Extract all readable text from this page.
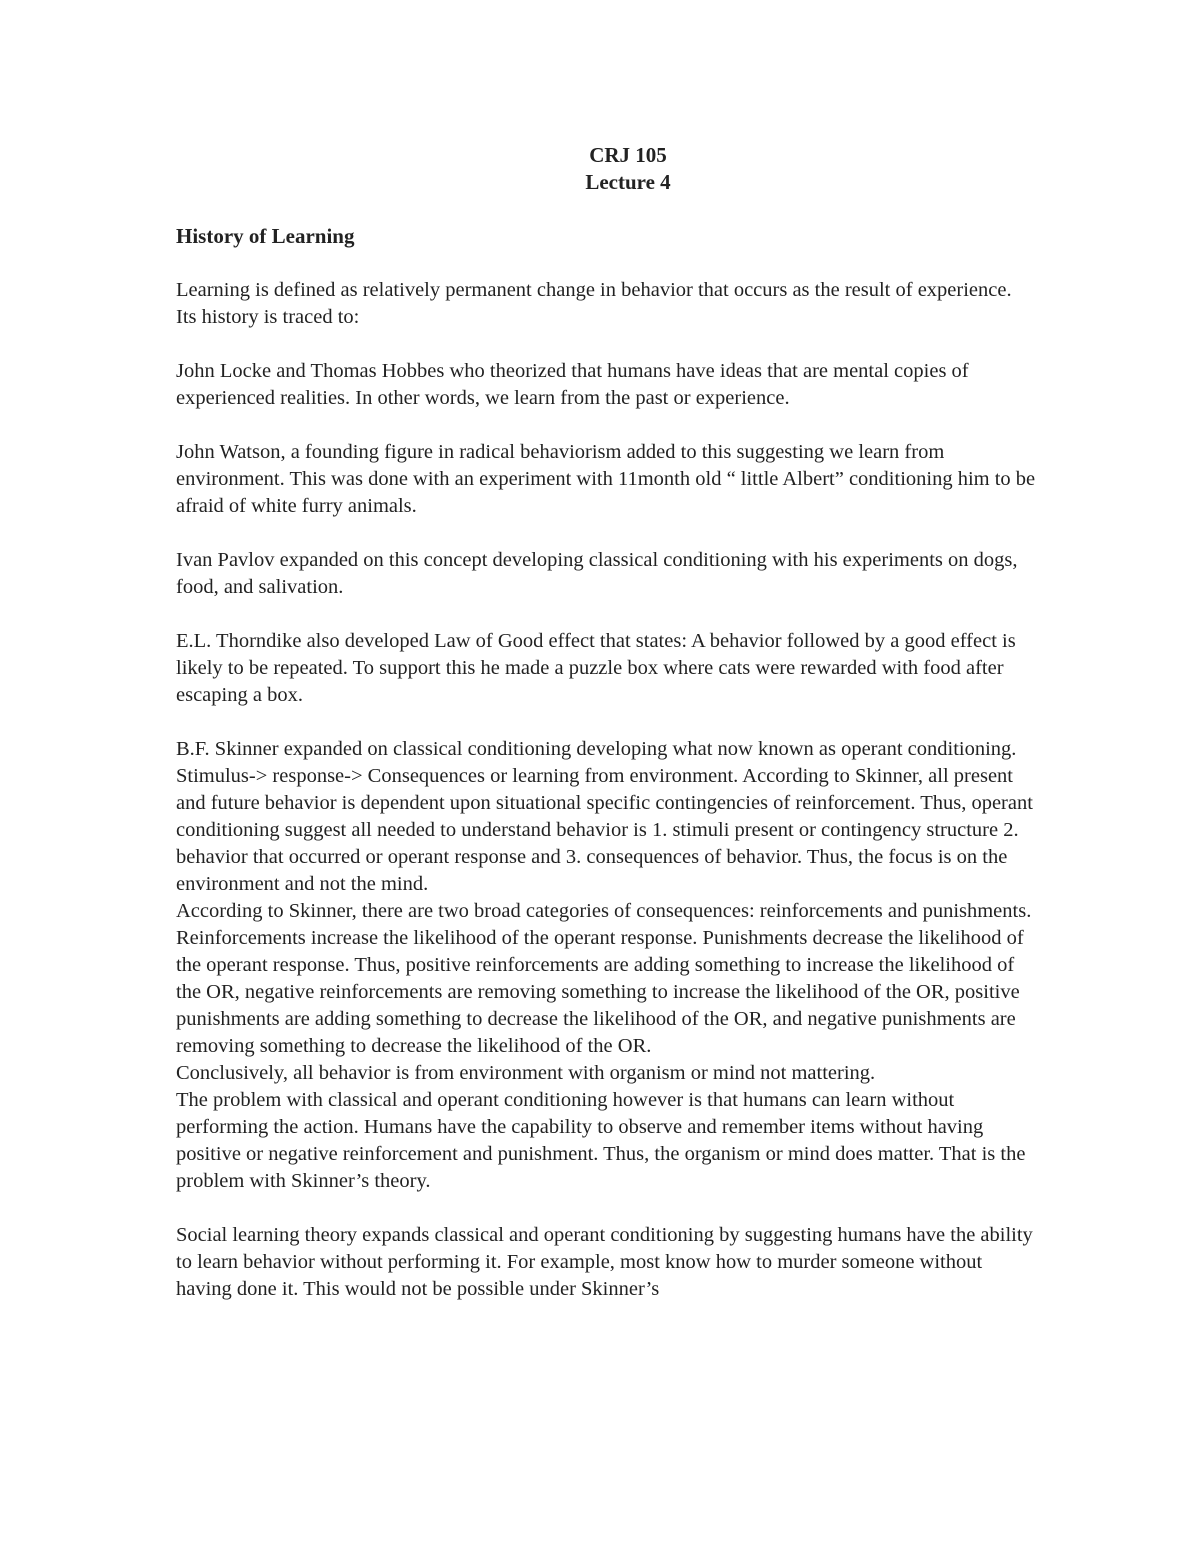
CRJ 105
Lecture 4
History of Learning

Learning is defined as relatively permanent change in behavior that occurs as the result of experience. Its history is traced to:

John Locke and Thomas Hobbes who theorized that humans have ideas that are mental copies of experienced realities. In other words, we learn from the past or experience.

John Watson, a founding figure in radical behaviorism added to this suggesting we learn from environment. This was done with an experiment with 11month old “ little Albert” conditioning him to be afraid of white furry animals.

Ivan Pavlov expanded on this concept developing classical conditioning with his experiments on dogs, food, and salivation.

E.L. Thorndike also developed Law of Good effect that states: A behavior followed by a good effect is likely to be repeated. To support this he made a puzzle box where cats were rewarded with food after escaping a box.

B.F. Skinner expanded on classical conditioning developing what now known as operant conditioning. Stimulus-> response-> Consequences or learning from environment. According to Skinner, all present and future behavior is dependent upon situational specific contingencies of reinforcement. Thus, operant conditioning suggest all needed to understand behavior is 1. stimuli present or contingency structure 2. behavior that occurred or operant response and 3. consequences of behavior. Thus, the focus is on the environment and not the mind.

According to Skinner, there are two broad categories of consequences: reinforcements and punishments. Reinforcements increase the likelihood of the operant response. Punishments decrease the likelihood of the operant response. Thus, positive reinforcements are adding something to increase the likelihood of the OR, negative reinforcements are removing something to increase the likelihood of the OR, positive punishments are adding something to decrease the likelihood of the OR, and negative punishments are removing something to decrease the likelihood of the OR.

Conclusively, all behavior is from environment with organism or mind not mattering.

The problem with classical and operant conditioning however is that humans can learn without performing the action. Humans have the capability to observe and remember items without having positive or negative reinforcement and punishment. Thus, the organism or mind does matter. That is the problem with Skinner’s theory.

Social learning theory expands classical and operant conditioning by suggesting humans have the ability to learn behavior without performing it. For example, most know how to murder someone without having done it. This would not be possible under Skinner’s
